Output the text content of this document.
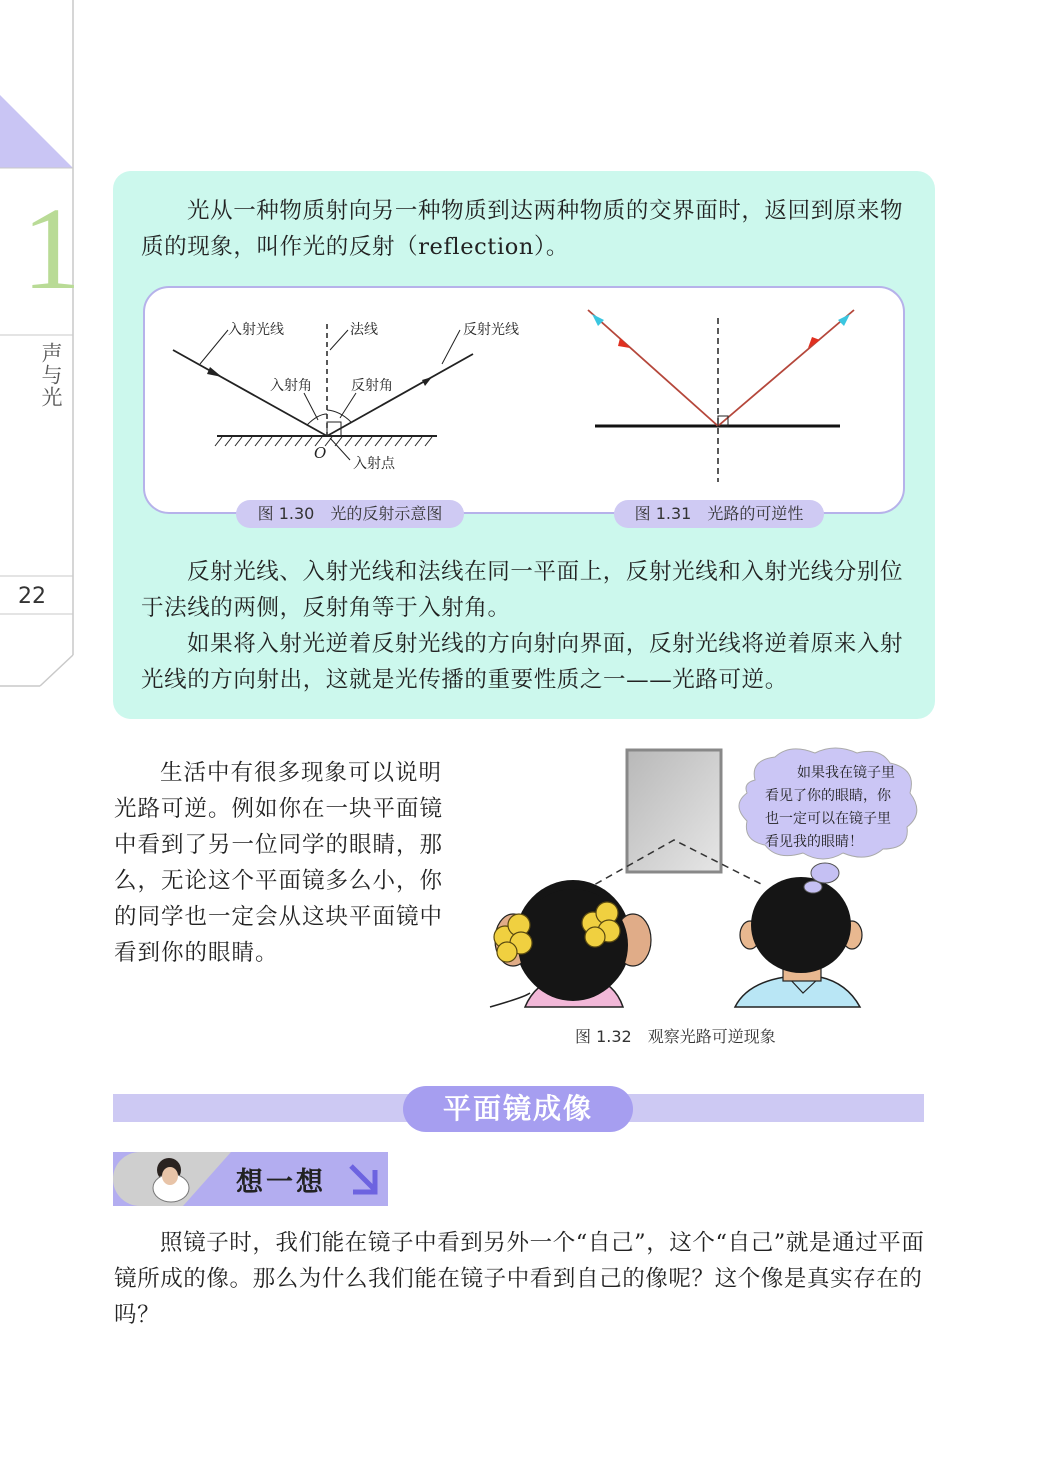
1
声与光
22

光从一种物质射向另一种物质到达两种物质的交界面时，返回到原来物质的现象，叫作光的反射（reflection）。

入射光线	法线	反射光线
入射角	反射角
入射点
O
图 1.30　光的反射示意图	图 1.31　光路的可逆性

反射光线、入射光线和法线在同一平面上，反射光线和入射光线分别位于法线的两侧，反射角等于入射角。

如果将入射光逆着反射光线的方向射向界面，反射光线将逆着原来入射光线的方向射出，这就是光传播的重要性质之一——光路可逆。

生活中有很多现象可以说明光路可逆。例如你在一块平面镜中看到了另一位同学的眼睛，那么，无论这个平面镜多么小，你的同学也一定会从这块平面镜中看到你的眼睛。

如果我在镜子里
看见了你的眼睛，你
也一定可以在镜子里
看见我的眼睛！
图 1.32　观察光路可逆现象
平面镜成像
想一想

照镜子时，我们能在镜子中看到另外一个“自己”，这个“自己”就是通过平面镜所成的像。那么为什么我们能在镜子中看到自己的像呢？这个像是真实存在的吗？
